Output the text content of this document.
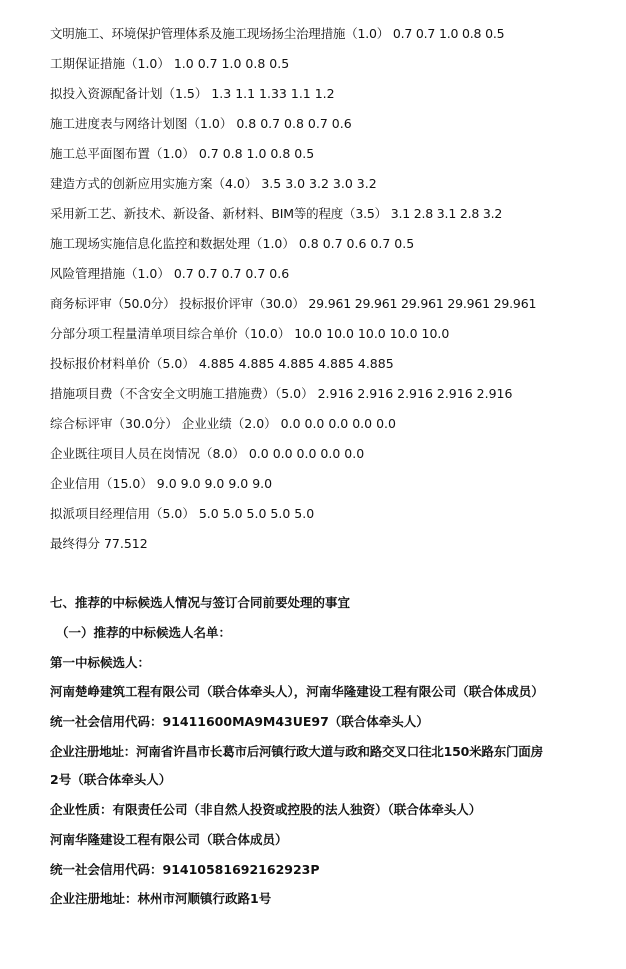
文明施工、环境保护管理体系及施工现场扬尘治理措施（1.0） 0.7 0.7 1.0 0.8 0.5
工期保证措施（1.0） 1.0 0.7 1.0 0.8 0.5
拟投入资源配备计划（1.5） 1.3 1.1 1.33 1.1 1.2
施工进度表与网络计划图（1.0） 0.8 0.7 0.8 0.7 0.6
施工总平面图布置（1.0） 0.7 0.8 1.0 0.8 0.5
建造方式的创新应用实施方案（4.0） 3.5 3.0 3.2 3.0 3.2
采用新工艺、新技术、新设备、新材料、BIM等的程度（3.5） 3.1 2.8 3.1 2.8 3.2
施工现场实施信息化监控和数据处理（1.0） 0.8 0.7 0.6 0.7 0.5
风险管理措施（1.0） 0.7 0.7 0.7 0.7 0.6
商务标评审（50.0分） 投标报价评审（30.0） 29.961 29.961 29.961 29.961 29.961
分部分项工程量清单项目综合单价（10.0） 10.0 10.0 10.0 10.0 10.0
投标报价材料单价（5.0） 4.885 4.885 4.885 4.885 4.885
措施项目费（不含安全文明施工措施费）（5.0） 2.916 2.916 2.916 2.916 2.916
综合标评审（30.0分） 企业业绩（2.0） 0.0 0.0 0.0 0.0 0.0
企业既往项目人员在岗情况（8.0） 0.0 0.0 0.0 0.0 0.0
企业信用（15.0） 9.0 9.0 9.0 9.0 9.0
拟派项目经理信用（5.0） 5.0 5.0 5.0 5.0 5.0
最终得分 77.512
七、推荐的中标候选人情况与签订合同前要处理的事宜
（一）推荐的中标候选人名单：
第一中标候选人：
河南楚峥建筑工程有限公司（联合体牵头人），河南华隆建设工程有限公司（联合体成员）
统一社会信用代码：91411600MA9M43UE97（联合体牵头人）
企业注册地址：河南省许昌市长葛市后河镇行政大道与政和路交叉口往北150米路东门面房
2号（联合体牵头人）
企业性质：有限责任公司（非自然人投资或控股的法人独资）（联合体牵头人）
河南华隆建设工程有限公司（联合体成员）
统一社会信用代码：91410581692162923P
企业注册地址：林州市河顺镇行政路1号
